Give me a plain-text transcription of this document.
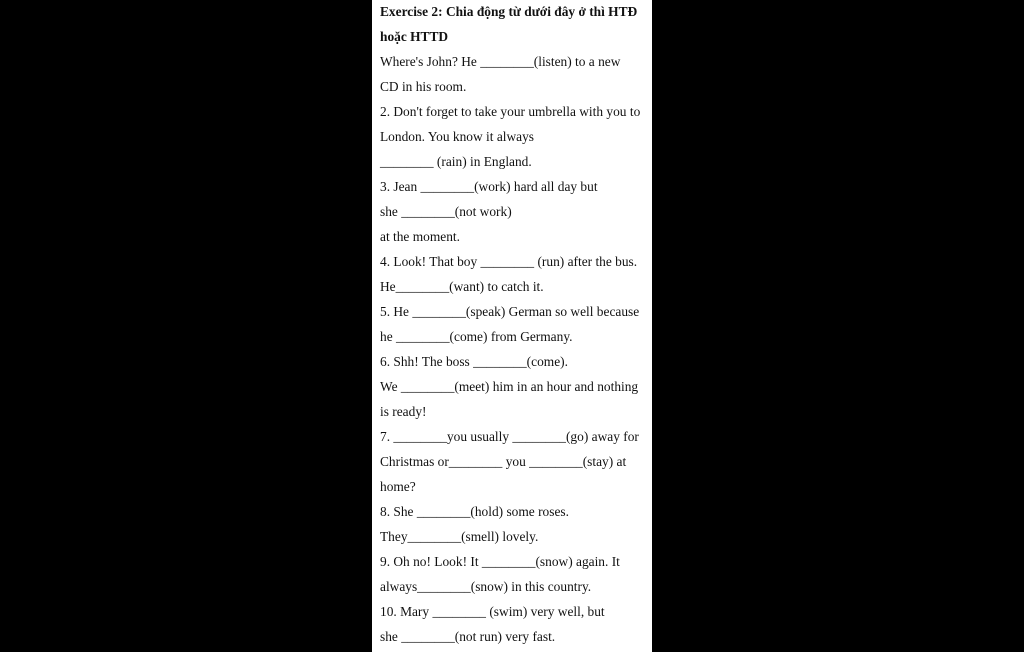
Exercise 2: Chia động từ dưới đây ở thì HTĐ
hoặc HTTD
Where's John? He ________(listen) to a new
CD in his room.
2. Don't forget to take your umbrella with you to
London. You know it always
________ (rain) in England.
3. Jean ________(work) hard all day but
she ________(not work)
at the moment.
4. Look! That boy ________ (run) after the bus.
He________(want) to catch it.
5. He ________(speak) German so well because
he ________(come) from Germany.
6. Shh! The boss ________(come).
We ________(meet) him in an hour and nothing
is ready!
7. ________you usually ________(go) away for
Christmas or________ you ________(stay) at
home?
8. She ________(hold) some roses.
They________(smell) lovely.
9. Oh no! Look! It ________(snow) again. It
always________(snow) in this country.
10. Mary ________ (swim) very well, but
she ________(not run) very fast.
